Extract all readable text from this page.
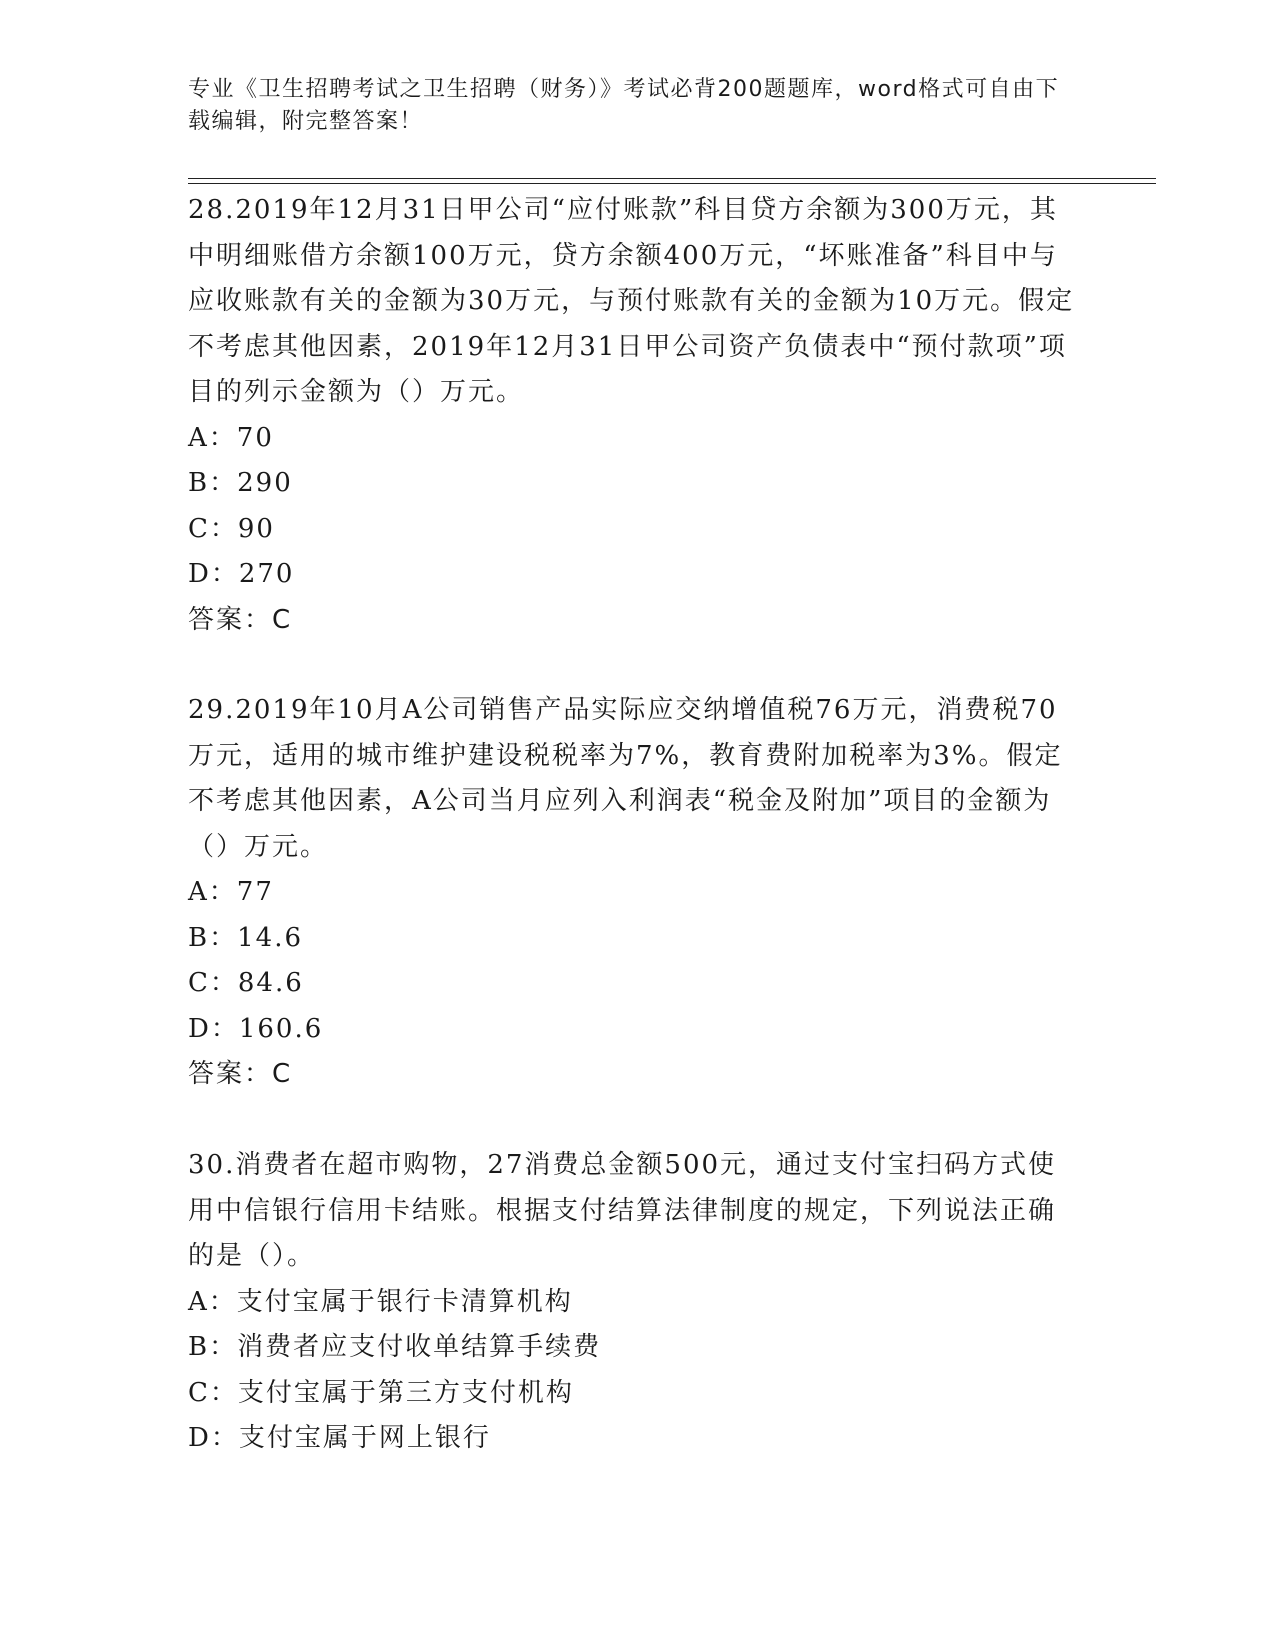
专业《卫生招聘考试之卫生招聘（财务）》考试必背200题题库，word格式可自由下载编辑，附完整答案！

28.2019年12月31日甲公司“应付账款”科目贷方余额为300万元，其中明细账借方余额100万元，贷方余额400万元，“坏账准备”科目中与应收账款有关的金额为30万元，与预付账款有关的金额为10万元。假定不考虑其他因素，2019年12月31日甲公司资产负债表中“预付款项”项目的列示金额为（）万元。

A：70
B：290
C：90
D：270
答案：C

29.2019年10月A公司销售产品实际应交纳增值税76万元，消费税70万元，适用的城市维护建设税税率为7%，教育费附加税率为3%。假定不考虑其他因素，A公司当月应列入利润表“税金及附加”项目的金额为（）万元。

A：77
B：14.6
C：84.6
D：160.6
答案：C

30.消费者在超市购物，27消费总金额500元，通过支付宝扫码方式使用中信银行信用卡结账。根据支付结算法律制度的规定，下列说法正确的是（）。

A：支付宝属于银行卡清算机构
B：消费者应支付收单结算手续费
C：支付宝属于第三方支付机构
D：支付宝属于网上银行
